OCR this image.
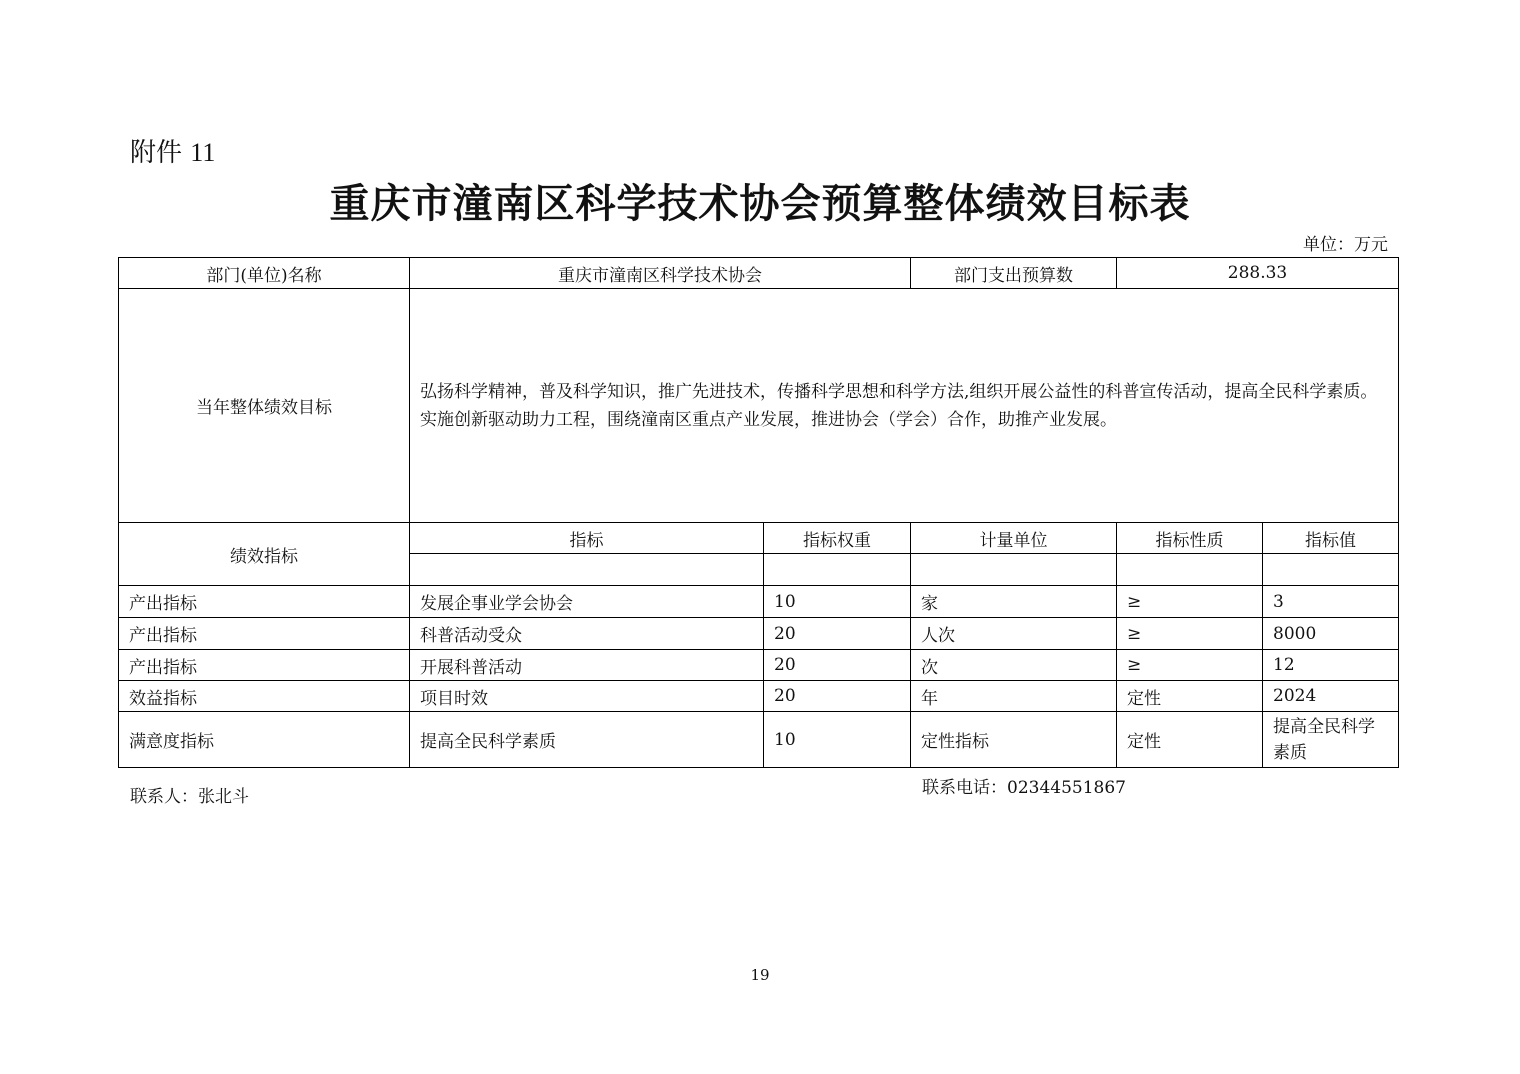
附件 11
重庆市潼南区科学技术协会预算整体绩效目标表
单位：万元
部门(单位)名称	重庆市潼南区科学技术协会		部门支出预算数	288.33	
当年整体绩效目标	弘扬科学精神，普及科学知识，推广先进技术，传播科学思想和科学方法,组织开展公益性的科普宣传活动，提高全民科学素质。实施创新驱动助力工程，围绕潼南区重点产业发展，推进协会（学会）合作，助推产业发展。				
绩效指标	指标	指标权重	计量单位	指标性质	指标值

产出指标	发展企事业学会协会	10	家	≥	3
产出指标	科普活动受众	20	人次	≥	8000
产出指标	开展科普活动	20	次	≥	12
效益指标	项目时效	20	年	定性	2024
满意度指标	提高全民科学素质	10	定性指标	定性	提高全民科学素质
联系人：张北斗	联系电话：02344551867
19
